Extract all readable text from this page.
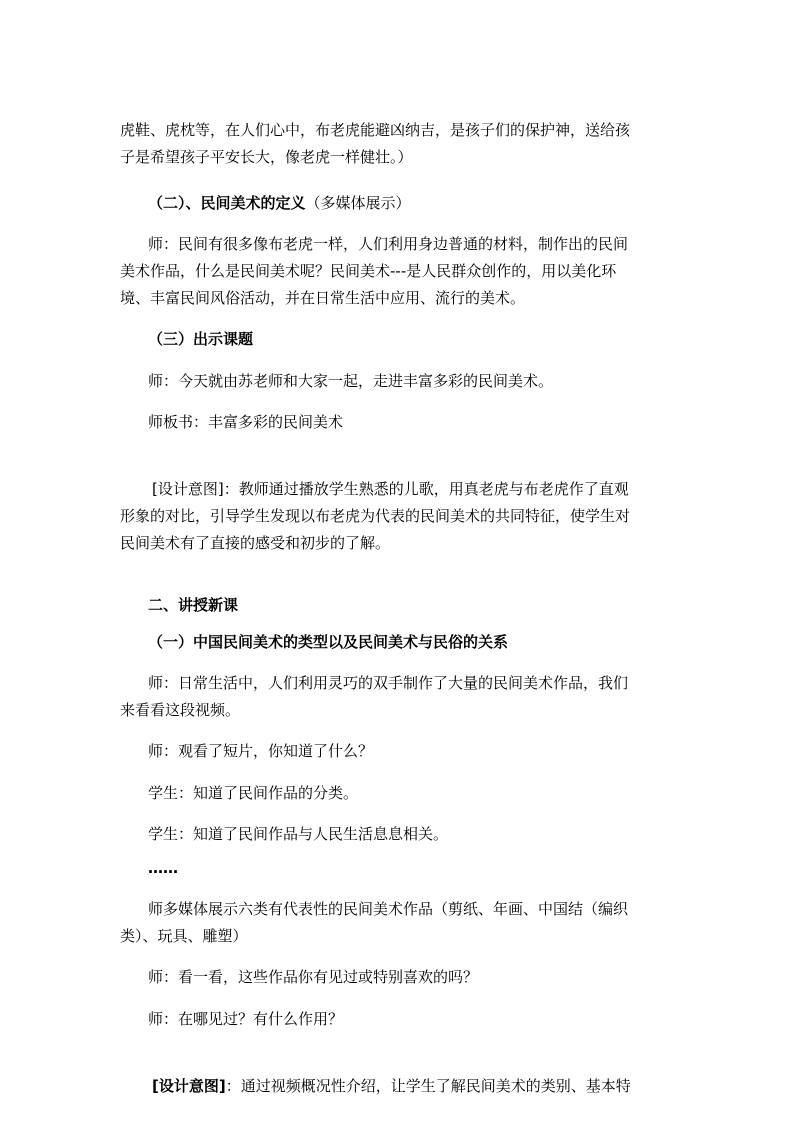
虎鞋、虎枕等，在人们心中，布老虎能避凶纳吉，是孩子们的保护神，送给孩
子是希望孩子平安长大，像老虎一样健壮。）
（二）、民间美术的定义（多媒体展示）
师：民间有很多像布老虎一样，人们利用身边普通的材料，制作出的民间
美术作品，什么是民间美术呢？民间美术---是人民群众创作的，用以美化环
境、丰富民间风俗活动，并在日常生活中应用、流行的美术。
（三）出示课题
师：今天就由苏老师和大家一起，走进丰富多彩的民间美术。
师板书：丰富多彩的民间美术
[设计意图]：教师通过播放学生熟悉的儿歌，用真老虎与布老虎作了直观
形象的对比，引导学生发现以布老虎为代表的民间美术的共同特征，使学生对
民间美术有了直接的感受和初步的了解。
二、讲授新课
（一）中国民间美术的类型以及民间美术与民俗的关系
师：日常生活中，人们利用灵巧的双手制作了大量的民间美术作品，我们
来看看这段视频。
师：观看了短片，你知道了什么？
学生：知道了民间作品的分类。
学生：知道了民间作品与人民生活息息相关。
……
师多媒体展示六类有代表性的民间美术作品（剪纸、年画、中国结（编织
类）、玩具、雕塑）
师：看一看，这些作品你有见过或特别喜欢的吗？
师：在哪见过？有什么作用？
[设计意图]：通过视频概况性介绍，让学生了解民间美术的类别、基本特
